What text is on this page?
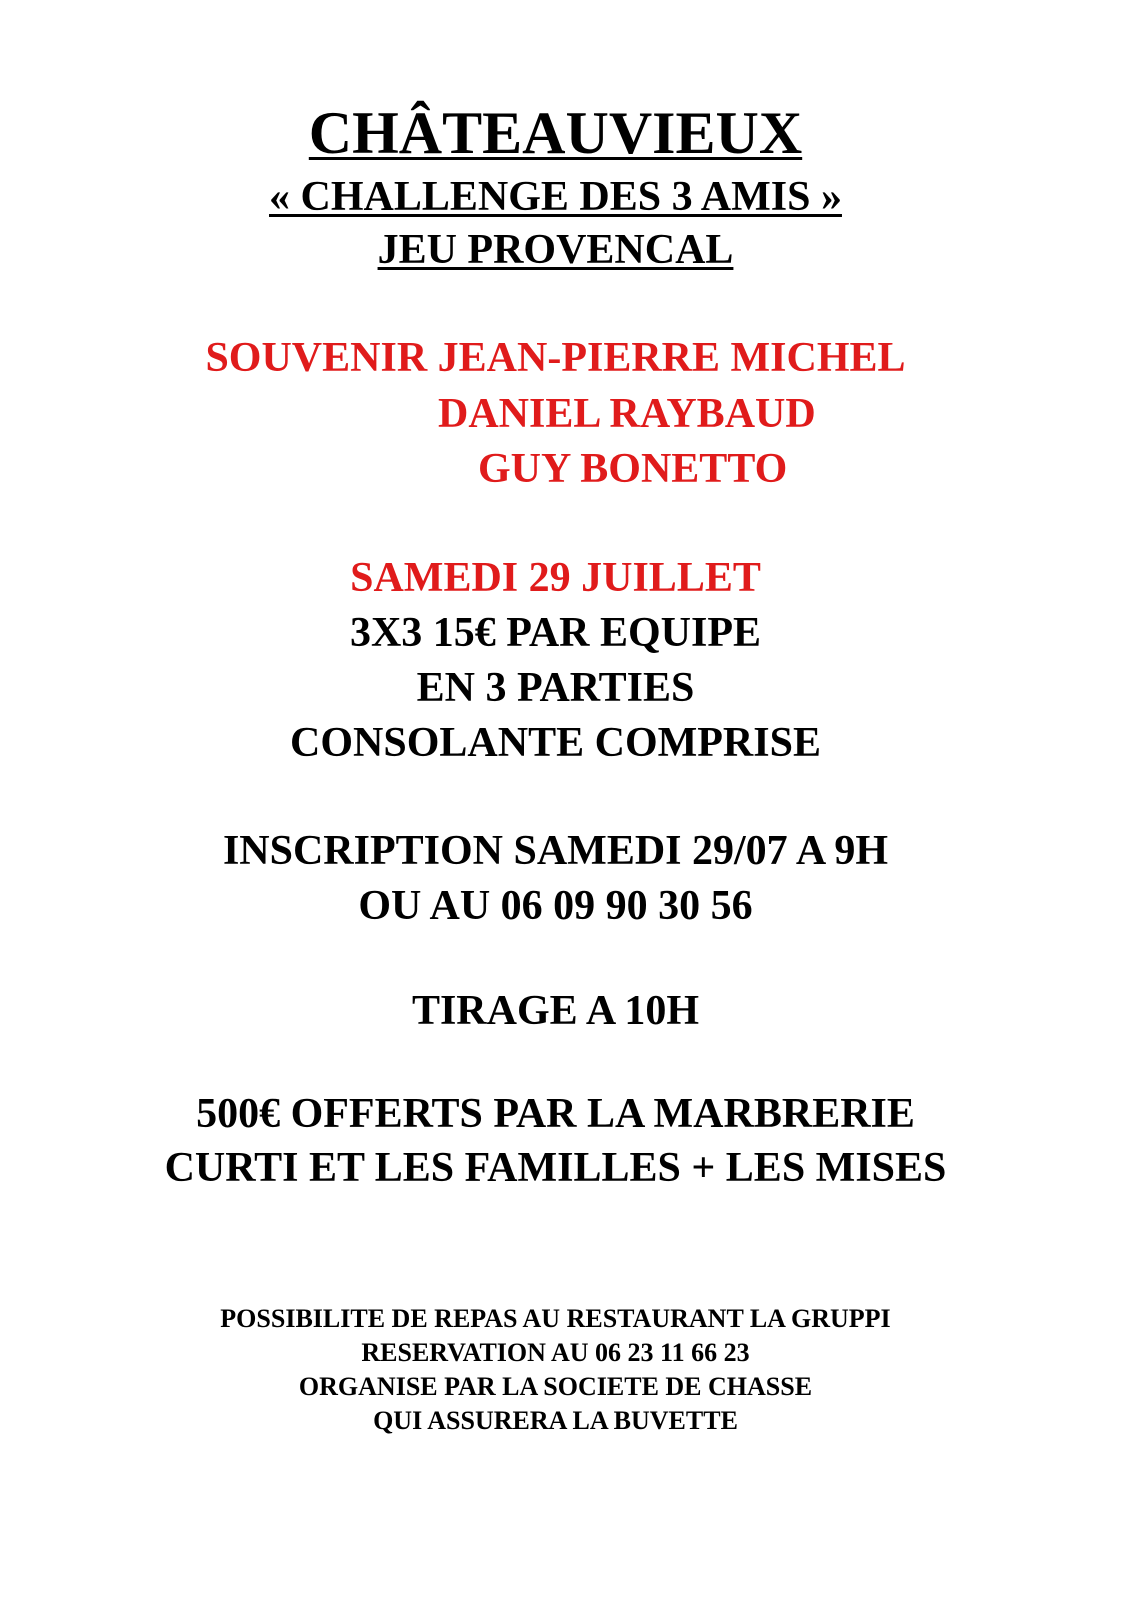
CHÂTEAUVIEUX
« CHALLENGE DES 3 AMIS »
JEU PROVENCAL
SOUVENIR JEAN-PIERRE MICHEL
DANIEL RAYBAUD
GUY BONETTO
SAMEDI 29 JUILLET
3X3 15€ PAR EQUIPE
EN 3 PARTIES
CONSOLANTE COMPRISE
INSCRIPTION SAMEDI 29/07 A 9H
OU AU 06 09 90 30 56
TIRAGE A 10H
500€ OFFERTS PAR LA MARBRERIE
CURTI ET LES FAMILLES + LES MISES
POSSIBILITE DE REPAS AU RESTAURANT LA GRUPPI
RESERVATION AU 06 23 11 66 23
ORGANISE PAR LA SOCIETE DE CHASSE
QUI ASSURERA LA BUVETTE
